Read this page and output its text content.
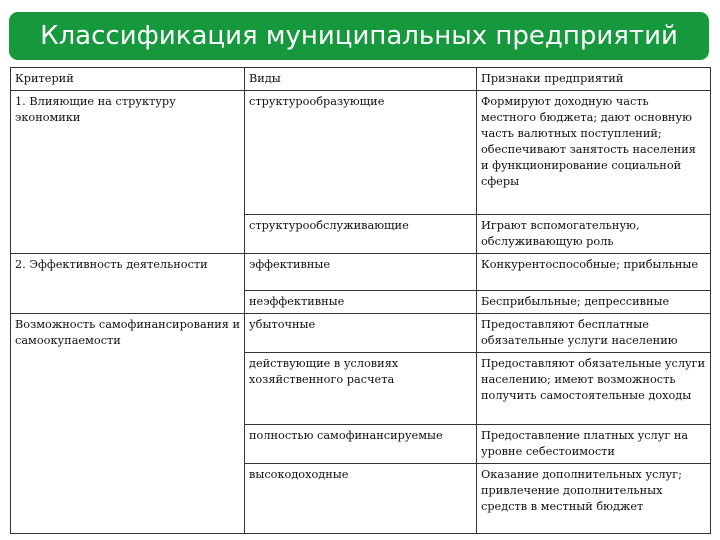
Классификация муниципальных предприятий
Критерий	Виды	Признаки предприятий
1. Влияющие на структуру экономики	структурообразующие	Формируют доходную часть местного бюджета; дают основную часть валютных поступлений; обеспечивают занятость населения и функционирование социальной сферы
	структурообслуживающие	Играют вспомогательную, обслуживающую роль
2. Эффективность деятельности	эффективные	Конкурентоспособные; прибыльные
	неэффективные	Бесприбыльные; депрессивные
Возможность самофинансирования и самоокупаемости	убыточные	Предоставляют бесплатные обязательные услуги населению
	действующие в условиях хозяйственного расчета	Предоставляют обязательные услуги населению; имеют возможность получить самостоятельные доходы
	полностью самофинансируемые	Предоставление платных услуг на уровне себестоимости
	высокодоходные	Оказание дополнительных услуг; привлечение дополнительных средств в местный бюджет
